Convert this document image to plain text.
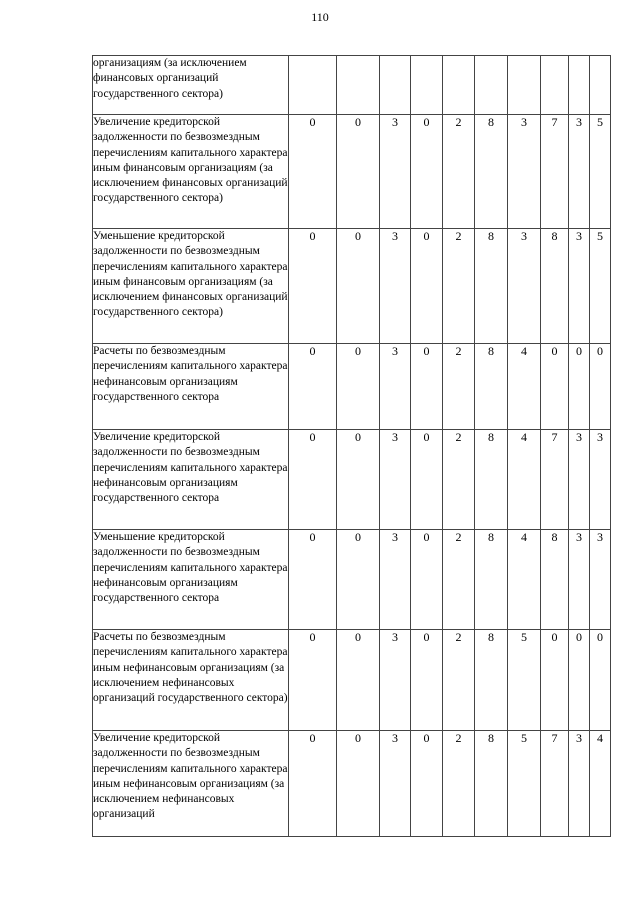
110
организациям (за исключением финансовых организаций государственного сектора)										
Увеличение кредиторской задолженности по безвозмездным перечислениям капитального характера иным финансовым организациям (за исключением финансовых организаций государственного сектора)	0	0	3	0	2	8	3	7	3	5
Уменьшение кредиторской задолженности по безвозмездным перечислениям капитального характера иным финансовым организациям (за исключением финансовых организаций государственного сектора)	0	0	3	0	2	8	3	8	3	5
Расчеты по безвозмездным перечислениям капитального характера нефинансовым организациям государственного сектора	0	0	3	0	2	8	4	0	0	0
Увеличение кредиторской задолженности по безвозмездным перечислениям капитального характера нефинансовым организациям государственного сектора	0	0	3	0	2	8	4	7	3	3
Уменьшение кредиторской задолженности по безвозмездным перечислениям капитального характера нефинансовым организациям государственного сектора	0	0	3	0	2	8	4	8	3	3
Расчеты по безвозмездным перечислениям капитального характера иным нефинансовым организациям (за исключением нефинансовых организаций государственного сектора)	0	0	3	0	2	8	5	0	0	0
Увеличение кредиторской задолженности по безвозмездным перечислениям капитального характера иным нефинансовым организациям (за исключением нефинансовых организаций	0	0	3	0	2	8	5	7	3	4
